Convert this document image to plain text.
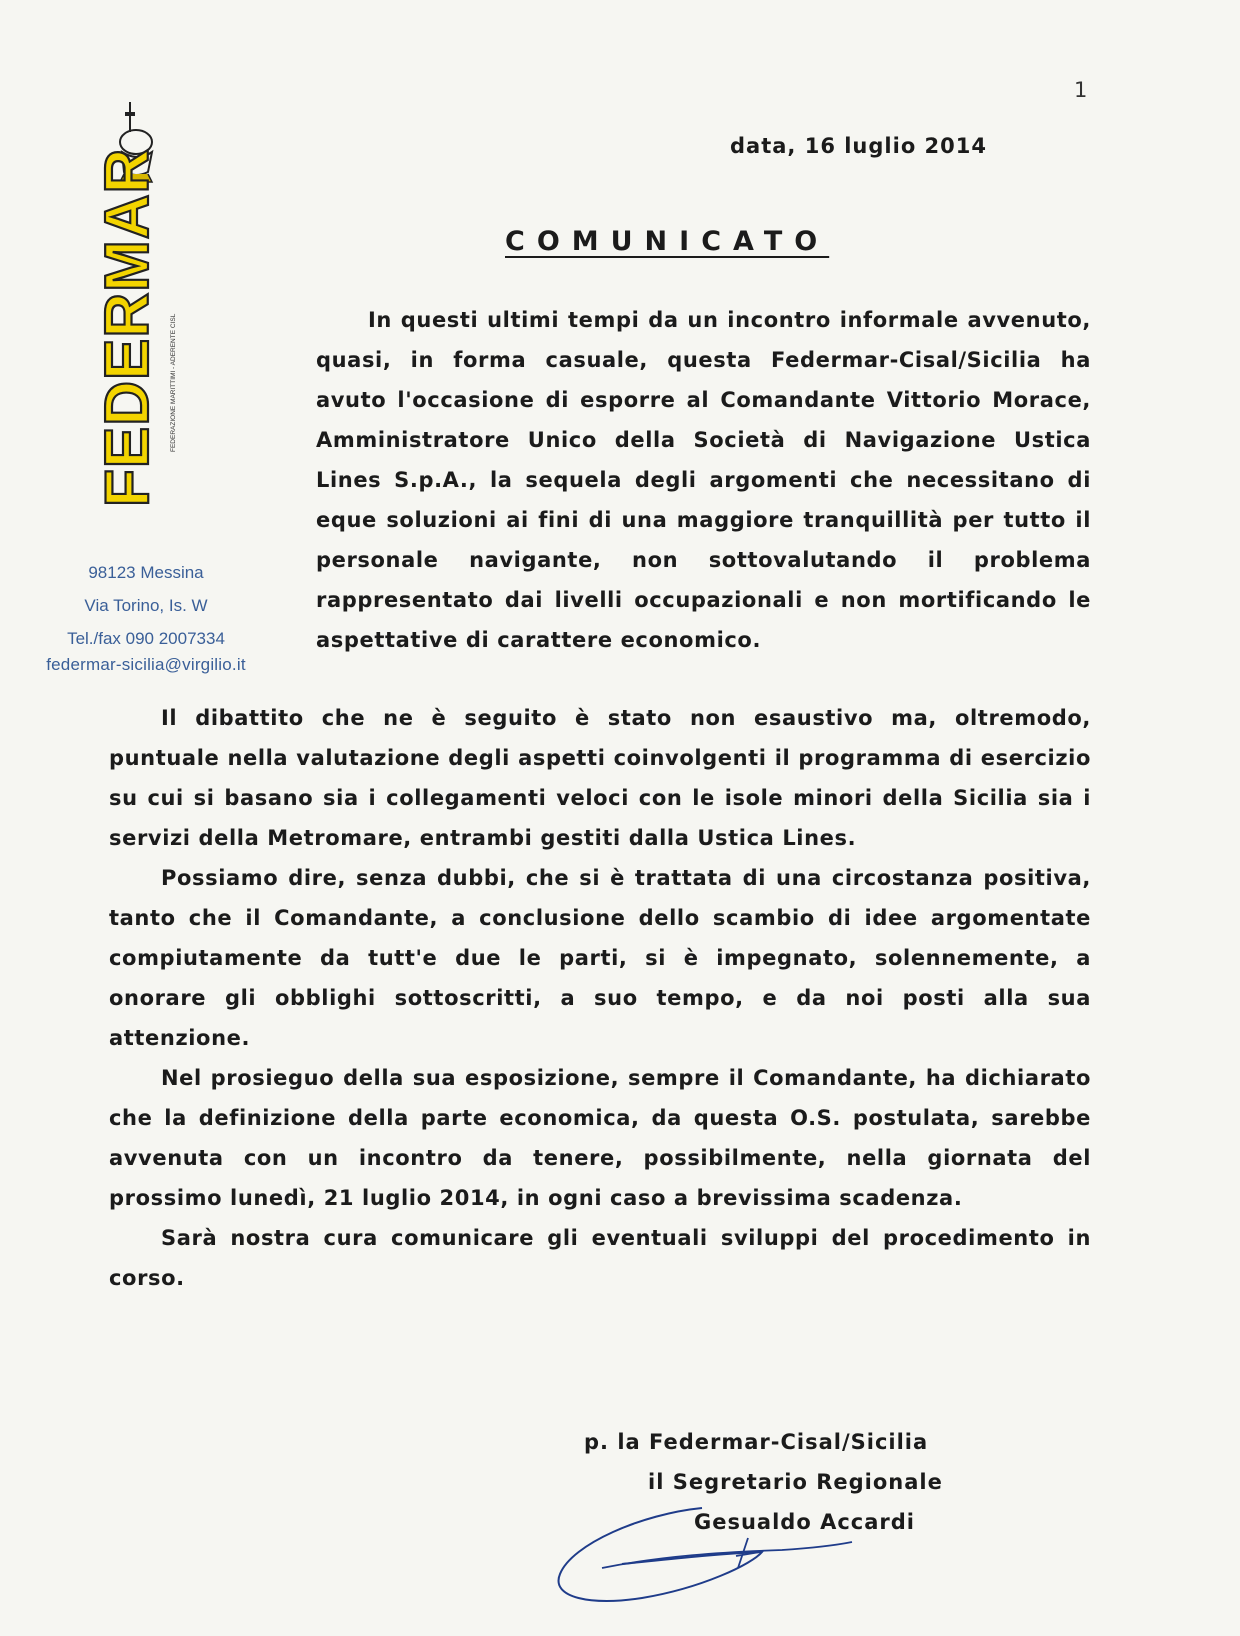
1
FEDERMAR FEDERAZIONE MARITTIMI - ADERENTE CISL
98123 Messina
Via Torino, Is. W
Tel./fax 090 2007334
federmar-sicilia@virgilio.it
data, 16 luglio 2014
COMUNICATO

In questi ultimi tempi da un incontro informale avvenuto, quasi, in forma casuale, questa Federmar-Cisal/Sicilia ha avuto l'occasione di esporre al Comandante Vittorio Morace, Amministratore Unico della Società di Navigazione Ustica Lines S.p.A., la sequela degli argomenti che necessitano di eque soluzioni ai fini di una maggiore tranquillità per tutto il personale navigante, non sottovalutando il problema rappresentato dai livelli occupazionali e non mortificando le aspettative di carattere economico.

Il dibattito che ne è seguito è stato non esaustivo ma, oltremodo, puntuale nella valutazione degli aspetti coinvolgenti il programma di esercizio su cui si basano sia i collegamenti veloci con le isole minori della Sicilia sia i servizi della Metromare, entrambi gestiti dalla Ustica Lines.

Possiamo dire, senza dubbi, che si è trattata di una circostanza positiva, tanto che il Comandante, a conclusione dello scambio di idee argomentate compiutamente da tutt'e due le parti, si è impegnato, solennemente, a onorare gli obblighi sottoscritti, a suo tempo, e da noi posti alla sua attenzione.

Nel prosieguo della sua esposizione, sempre il Comandante, ha dichiarato che la definizione della parte economica, da questa O.S. postulata, sarebbe avvenuta con un incontro da tenere, possibilmente, nella giornata del prossimo lunedì, 21 luglio 2014, in ogni caso a brevissima scadenza.

Sarà nostra cura comunicare gli eventuali sviluppi del procedimento in corso.

p. la Federmar-Cisal/Sicilia
il Segretario Regionale
Gesualdo Accardi
